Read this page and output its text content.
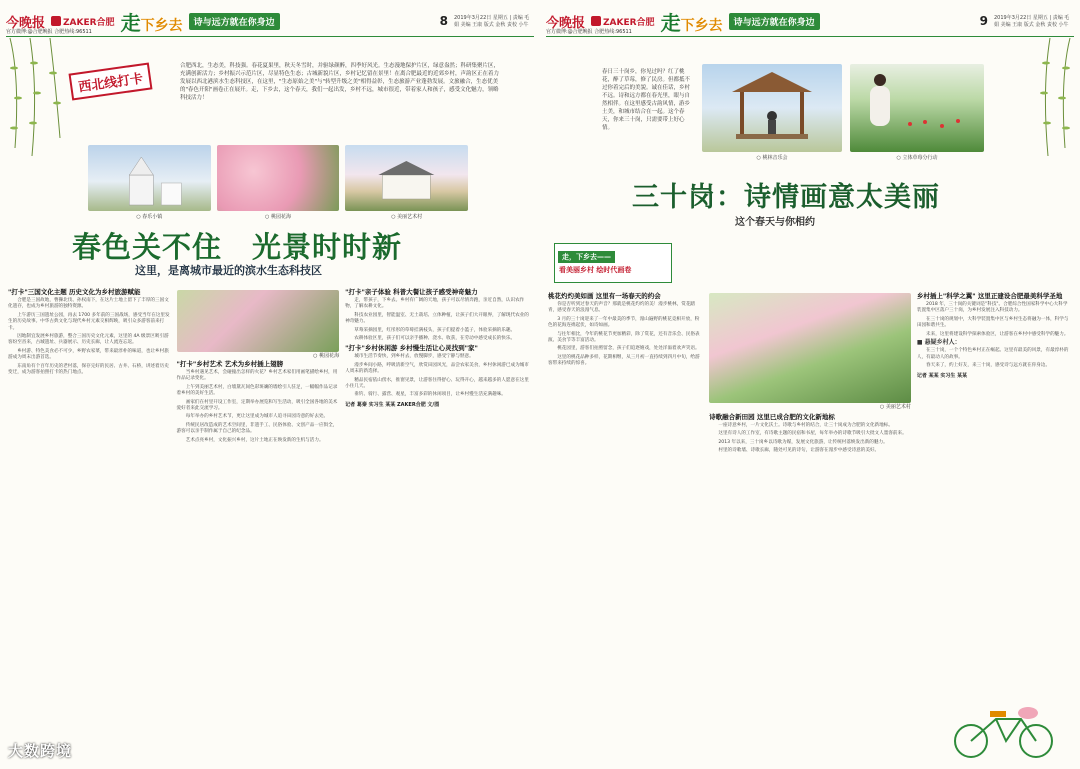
今晚报 ZAKER合肥 走下乡去	诗与远方就在你身边	8 2019年3月22日 星期五 | 责编 毛娟 美编 王康 版式 金秋 责校 小牛
官方微博:@合肥晚报 合肥热线:96511
西北线打卡
合肥西北，生态美，科技强。春花夏果里，秋天冬雪时，并驱绿颜醉，四季好风光。生态漫地保护片区，绿意盎然；科研集聚片区，充满创新活力；乡村振兴示范片区，尽显特色生态；古城新貌片区，乡村记忆留在景里！在离合肥最近的近郊乡村，声韵区正在着力发展以西北港滨水生态科技区，在这里，"生态原始之美"与"转型升级之美"相得益彰，生态旅游产业蓬勃发展。文旅融合，生态优美的"春色开阳"画卷正在展开。走，下乡去，这个春天，我们一起出发，乡村不远，城市很近，带着家人和孩子，感受文化魅力，领略科技活力！
○ 春乐小镇	○ 桃园花海	○ 美丽艺术村
春色关不住　光景时时新
这里，是离城市最近的滨水生态科技区
"打卡"三国文化主题 历史文化为乡村旅游赋能

合肥是三国故地，曹操北伐、孙权南下，在这片土地上留下了丰厚的三国文化遗存，也成为乡村旅游的独特资源。

上午游历三国遗址公园，再去 1700 多年前的三国战场，感受当年在这里发生的历史故事。中华古典文化与现代乡村元素交相辉映，吸引众多游客前来打卡。

因地制宜发展乡村旅游，整合三国历史文化元素，这里的 4A 级景区吸引游客纷至沓来，古城遗址、兵器展示、历史长廊，让人流连忘返。

乡村游、特色美食必不可少，乡野农家菜，带来最淳朴的味道，也让乡村旅游成为周末出游首选。

东南角有个百年历史的老村落，保存完好的民居、古井、石桥，讲述着历史变迁，成为游客拍照打卡的热门地点。

○ 桃园花海
"打卡"乡村艺术 艺术为乡村插上翅膀

当乡村遇见艺术，会碰撞出怎样的火花？乡村艺术家们用画笔描绘乡村，用作品记录变化。

上午到美丽艺术村，白墙黛瓦间色彩斑斓的墙绘引人驻足，一幅幅作品记录着乡村的美好生活。

画家们在村里开设工作室，定期举办展览和写生活动，吸引全国各地的美术爱好者来此交流学习。

每年举办的乡村艺术节，更让这里成为城市人追寻田园诗意的好去处。

传统民居改造成的艺术空间里，非遗手工、民俗体验、文创产品一应俱全，游客可以亲手制作属于自己的纪念品。

艺术点亮乡村，文化振兴乡村，这片土地正在焕发新的生机与活力。

"打卡"亲子体验 科普大餐让孩子感受神奇魅力

走，带孩子，下乡去。乡村有广阔的天地，孩子可以尽情奔跑，亲近自然，认识农作物，了解农耕文化。

科技农业园里，智能温室、无土栽培、立体种植，让孩子们大开眼界，了解现代农业的神奇魅力。

草莓采摘园里，红彤彤的草莓挂满枝头，孩子们提着小篮子，体验采摘的乐趣。

农耕体验区里，孩子们可以亲手播种、浇水、收获，在劳动中感受成长的快乐。

"打卡"乡村休闲游 乡村慢生活让心灵找到"家"

城市生活节奏快，到乡村去，放慢脚步，感受宁静与惬意。

漫步乡间小路，呼吸清新空气，欣赏田园风光，品尝农家美食，乡村休闲游已成为城市人周末的新选择。

精品民宿依山傍水，推窗见景，让游客住得舒心、玩得开心，越来越多的人愿意在这里小住几天。

垂钓、骑行、露营、观星，丰富多彩的休闲项目，让乡村慢生活充满趣味。

记者 葛秦 实习生 某某 ZAKER合肥 文/图
大数跨境
今晚报 ZAKER合肥 走下乡去	诗与远方就在你身边	9 2019年3月22日 星期五 | 责编 毛娟 美编 王康 版式 金秋 责校 小牛
官方微博:@合肥晚报 合肥热线:96511
春日三十岗乡，你见过吗？红了桃花，醉了草莓，修了民房。但都抵不过你着完后的美貌。诚在佳话，乡村不远。诗和远方都在春光里，眼与自然相伴。在这里感受古韵风情，游乡土美，和城市结合在一起。这个春天，你来三十岗，只需要带上好心情。
○ 桃林音乐会	○ 立体草莓分行动
三十岗：诗情画意太美丽
这个春天与你相约
走，下乡去——
看美丽乡村 绘时代画卷
桃花灼灼美如画 这里有一场春天的约会

你是否听到过春天的声音？那就是桃花灼灼的美！漫步桃林，赏花踏青，感受春天的浪漫气息。

3 月的三十岗迎来了一年中最美的季节，漫山遍野的桃花竞相开放，粉色的花海连绵起伏，如诗如画。

与往年相比，今年的桃花节更加精彩，除了赏花，还有音乐会、民俗表演、美食节等丰富活动。

桃花园里，游客们拍照留念，孩子们追逐嬉戏，处处洋溢着欢声笑语。

这里的桃花品种多样，花期相继，从三月初一直持续到四月中旬，给游客带来持续的惊喜。

○ 美丽艺术村
诗歌融合新田园 这里已成合肥的文化新地标

一座诗意乡村，一片文化沃土。诗歌与乡村的结合，让三十岗成为合肥的文化新地标。

这里有诗人的工作室，有诗歌主题的民宿和书屋，每年举办的诗歌节吸引大批文人墨客前来。

2013 年以来，三十岗乡以诗歌为媒，发展文化旅游，让传统村落焕发出新的魅力。

村里的诗歌墙、诗歌长廊，随处可见的诗句，让游客在漫步中感受诗意的美好。

乡村插上"科学之翼" 这里正建设合肥最美科学圣地

2018 年，三十岗的关键词是"科技"。合肥综合性国家科学中心大科学装置集中区落户三十岗，为乡村发展注入科技动力。

在三十岗的规划中，大科学装置集中区与乡村生态将融为一体，科学与田园和谐共生。

未来，这里将建设科学探索体验区，让游客在乡村中感受科学的魅力。

■ 悬疑乡村人：

在三十岗，一个个特色乡村正在崛起。这里有最美的风景，有最淳朴的人，有最动人的故事。

春天来了，约上好友，来三十岗，感受诗与远方就在你身边。

记者 某某 实习生 某某
